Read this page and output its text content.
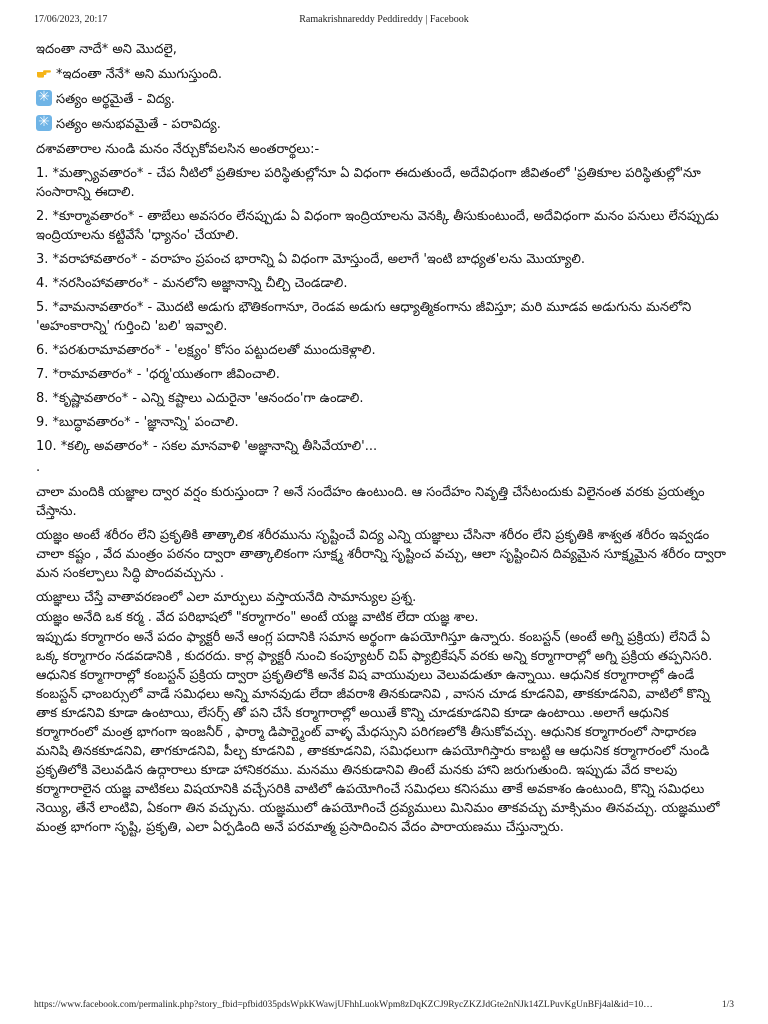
17/06/2023, 20:17	Ramakrishnareddy Peddireddy | Facebook

ఇదంతా నాదే* అని మొదలై,

*ఇదంతా నేనే* అని ముగుస్తుంది.

✳సత్యం అర్థమైతే - విద్య.

✳సత్యం అనుభవమైతే - పరావిద్య.

దశావతారాల నుండి మనం నేర్చుకోవలసిన అంతరార్థలు:-

1. *మత్స్యావతారం* - చేప నీటిలో ప్రతికూల పరిస్థితుల్లోనూ ఏ విధంగా ఈదుతుందే, అదేవిధంగా జీవితంలో 'ప్రతికూల పరిస్థితుల్లో'నూ సంసారాన్ని ఈదాలి.

2. *కూర్మావతారం* - తాబేలు అవసరం లేనప్పుడు ఏ విధంగా ఇంద్రియాలను వెనక్కి తీసుకుంటుందే, అదేవిధంగా మనం పనులు లేనప్పుడు ఇంద్రియాలను కట్టివేసే 'ధ్యానం' చేయాలి.

3. *వరాహావతారం* - వరాహం ప్రపంచ భారాన్ని ఏ విధంగా మోస్తుందే, అలాగే 'ఇంటి బాధ్యత'లను మొయ్యాలి.

4. *నరసింహావతారం* - మనలోని అజ్ఞానాన్ని చీల్చి చెండడాలి.

5. *వామనావతారం* - మొదటి అడుగు భౌతికంగానూ, రెండవ అడుగు ఆధ్యాత్మికంగాను జీవిస్తూ; మరి మూడవ అడుగును మనలోని 'అహంకారాన్ని' గుర్తించి 'బలి' ఇవ్వాలి.

6. *పరశురామావతారం* - 'లక్ష్యం' కోసం పట్టుదలతో ముందుకెళ్లాలి.

7. *రామావతారం* - 'ధర్మ'యుతంగా జీవించాలి.

8. *కృష్ణావతారం* - ఎన్ని కష్టాలు ఎదురైనా 'ఆనందం'గా ఉండాలి.

9. *బుద్ధావతారం* - 'జ్ఞానాన్ని' పంచాలి.

10. *కల్కి అవతారం* - సకల మానవాళి 'అజ్ఞానాన్ని తీసివేయాలి'...

.

చాలా మందికి యజ్ఞాల ద్వార వర్షం కురుస్తుందా ? అనే సందేహం ఉంటుంది. ఆ సందేహం నివృత్తి చేసేటందుకు విలైనంత వరకు ప్రయత్నం చేస్తాను.

యజ్ఞం అంటే శరీరం లేని ప్రకృతికి తాత్కాలిక శరీరమును సృష్టించే విద్య ఎన్ని యజ్ఞాలు చేసినా శరీరం లేని ప్రకృతికి శాశ్వత శరీరం ఇవ్వడం చాలా కష్టం , వేద మంత్రం పఠనం ద్వారా తాత్కాలికంగా సూక్ష్మ శరీరాన్ని సృష్టించ వచ్చు, ఆలా సృష్టించిన దివ్యమైన సూక్ష్మమైన శరీరం ద్వారా మన సంకల్పాలు సిద్ధి పొందవచ్చును .

యజ్ఞాలు చేస్తే వాతావరణంలో ఎలా మార్పులు వస్తాయనేది సామాన్యుల ప్రశ్న.

యజ్ఞం అనేది ఒక కర్మ . వేద పరిభాషలో "కర్మాగారం" అంటే యజ్ఞ వాటిక లేదా యజ్ఞ శాల.

ఇప్పుడు కర్మాగారం అనే పదం ఫ్యాక్టరీ అనే ఆంగ్ల పదానికి సమాన అర్థంగా ఉపయోగిస్తూ ఉన్నారు. కంబస్టన్ (అంటే అగ్ని ప్రక్రియ) లేనిదే ఏ ఒక్క కర్మాగారం నడవడానికి , కుదరదు. కార్ల ఫ్యాక్టరీ నుంచి కంప్యూటర్ చిప్ ఫ్యాబ్రికేషన్ వరకు అన్ని కర్మాగారాల్లో అగ్ని ప్రక్రియ తప్పనిసరి. ఆధునిక కర్మాగారాల్లో కంబస్టన్ ప్రక్రియ ద్వారా ప్రకృతిలోకి అనేక విష వాయువులు వెలువడుతూ ఉన్నాయి. ఆధునిక కర్మాగారాల్లో ఉండే కంబస్టన్ ఛాంబర్సులో వాడే సమిధలు అన్ని మానవుడు లేదా జీవరాశి తినకుడానివి , వాసన చూడ కూడనివి, తాకకూడనివి, వాటిలో కొన్ని తాక కూడనివి కూడా ఉంటాయి, లేసర్స్ తో పని చేసే కర్మాగారాల్లో అయితే కొన్ని చూడకూడనివి కూడా ఉంటాయి .అలాగే ఆధునిక కర్మాగారంలో మంత్ర భాగంగా ఇంజనీర్ , ఫార్మా డిపార్ట్మెంట్ వాళ్ళ మేధస్సుని పరిగణలోకి తీసుకోవచ్చు. ఆధునిక కర్మాగారంలో సాధారణ మనిషి తినకకూడనివి, తాగకూడనివి, పీల్చ కూడనివి , తాకకూడనివి, సమిధలుగా ఉపయోగిస్తారు కాబట్టి ఆ ఆధునిక కర్మాగారంలో నుండి ప్రకృతిలోకి వెలువడిన ఉద్గారాలు కూడా హానికరము. మనము తినకుడానివి తింటే మనకు హాని జరుగుతుంది. ఇప్పుడు వేద కాలపు కర్మాగారాలైన యజ్ఞ వాటికలు విషయానికి వచ్చేసరికి వాటిలో ఉపయోగించే సమిధలు కనిసము తాకే అవకాశం ఉంటుంది, కొన్ని సమిధలు నెయ్యి, తేనే లాంటివి, ఏకంగా తిన వచ్చును. యజ్ఞములో ఉపయోగించే ద్రవ్యములు మినిమం తాకవచ్చు మాక్సిమం తినవచ్చు. యజ్ఞములో మంత్ర భాగంగా సృష్టి, ప్రకృతి, ఎలా ఏర్పడింది అనే పరమాత్మ ప్రసాదించిన వేదం పారాయణము చేస్తున్నారు.

https://www.facebook.com/permalink.php?story_fbid=pfbid035pdsWpkKWawjUFhhLuokWpm8zDqKZCJ9RycZKZJdGte2nNJk14ZLPuvKgUnBFj4al&id=10…	1/3
